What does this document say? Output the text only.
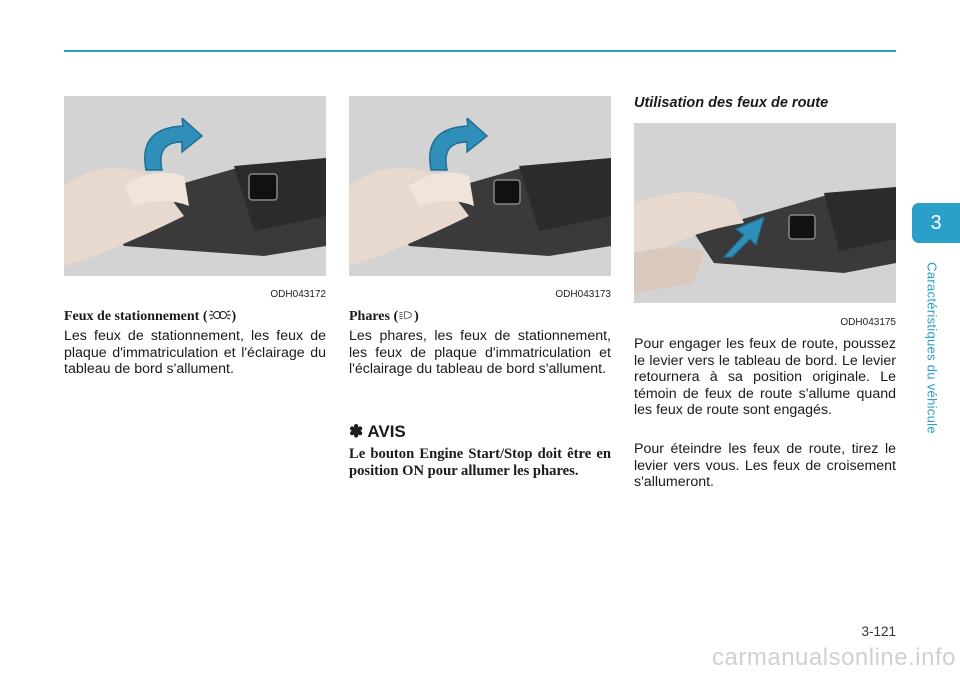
ODH043172
Feux de stationnement ( )

Les feux de stationnement, les feux de plaque d'immatriculation et l'éclairage du tableau de bord s'allument.

ODH043173
Phares ( )

Les phares, les feux de stationnement, les feux de plaque d'immatriculation et l'éclairage du tableau de bord s'allument.

✽ AVIS

Le bouton Engine Start/Stop doit être en position ON pour allumer les phares.

Utilisation des feux de route
ODH043175

Pour engager les feux de route, poussez le levier vers le tableau de bord. Le levier retournera à sa position originale. Le témoin de feux de route s'allume quand les feux de route sont engagés.

Pour éteindre les feux de route, tirez le levier vers vous. Les feux de croisement s'allumeront.

3
Caractéristiques du véhicule
3-121
carmanualsonline.info
